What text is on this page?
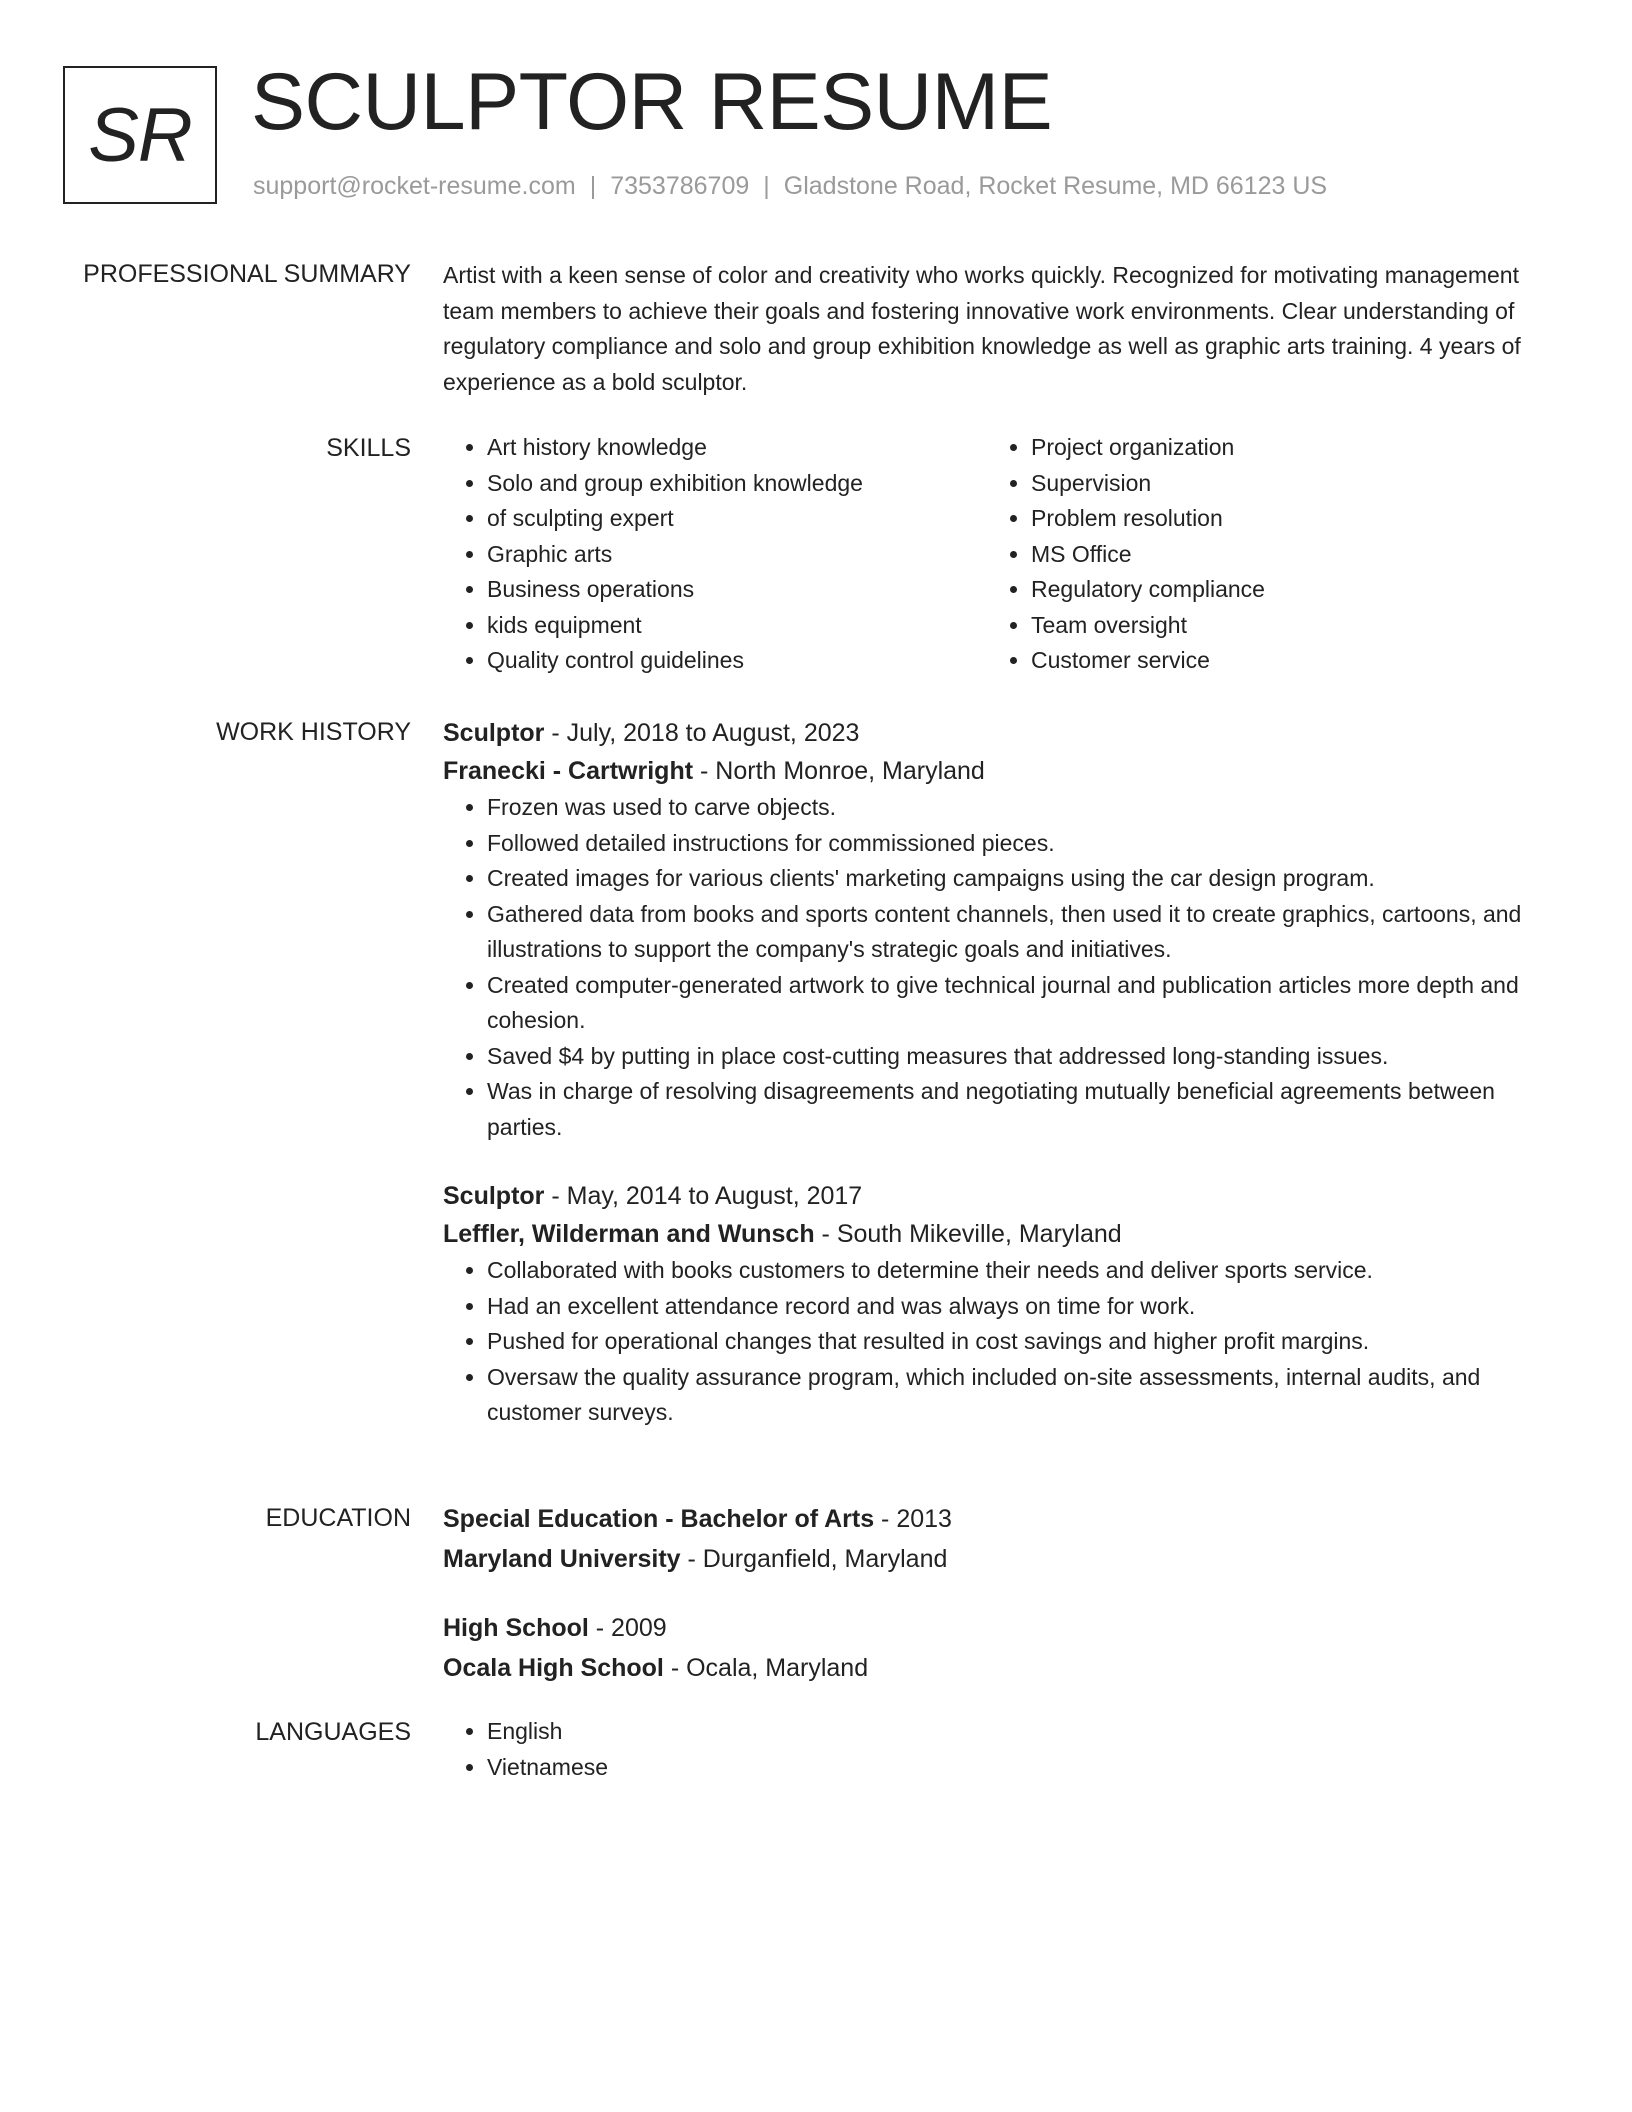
SR SCULPTOR RESUME
support@rocket-resume.com | 7353786709 | Gladstone Road, Rocket Resume, MD 66123 US
PROFESSIONAL SUMMARY Artist with a keen sense of color and creativity who works quickly. Recognized for motivating management team members to achieve their goals and fostering innovative work environments. Clear understanding of regulatory compliance and solo and group exhibition knowledge as well as graphic arts training. 4 years of experience as a bold sculptor.

SKILLS	• Art history knowledge
• Solo and group exhibition knowledge
• of sculpting expert
• Graphic arts
• Business operations
• kids equipment
• Quality control guidelines
• Project organization
• Supervision
• Problem resolution
• MS Office
• Regulatory compliance
• Team oversight
• Customer service
WORK HISTORY Sculptor - July, 2018 to August, 2023
Franecki - Cartwright - North Monroe, Maryland
• Frozen was used to carve objects.
• Followed detailed instructions for commissioned pieces.
• Created images for various clients' marketing campaigns using the car design program.
• Gathered data from books and sports content channels, then used it to create graphics, cartoons, and illustrations to support the company's strategic goals and initiatives.
• Created computer-generated artwork to give technical journal and publication articles more depth and cohesion.
• Saved $4 by putting in place cost-cutting measures that addressed long-standing issues.
• Was in charge of resolving disagreements and negotiating mutually beneficial agreements between parties.
Sculptor - May, 2014 to August, 2017
Leffler, Wilderman and Wunsch - South Mikeville, Maryland
• Collaborated with books customers to determine their needs and deliver sports service.
• Had an excellent attendance record and was always on time for work.
• Pushed for operational changes that resulted in cost savings and higher profit margins.
• Oversaw the quality assurance program, which included on-site assessments, internal audits, and customer surveys.
EDUCATION Special Education - Bachelor of Arts - 2013
Maryland University - Durganfield, Maryland
High School - 2009
Ocala High School - Ocala, Maryland
LANGUAGES	• English
• Vietnamese
